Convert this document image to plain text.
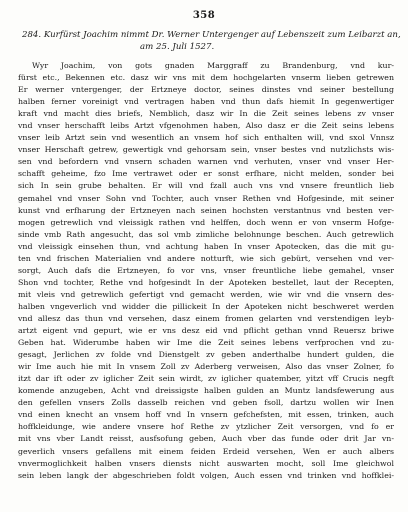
358
284. Kurfürst Joachim nimmt Dr. Werner Untergenger auf Lebenszeit zum Leibarzt an,
am 25. Juli 1527.
Wyr Joachim, von gots gnaden Marggraff zu Brandenburg, vnd kur-
fürst etc., Bekennen etc. dasz wir vns mit dem hochgelarten vnserm lieben getrewen
Er werner vntergenger, der Ertzneye doctor, seines dinstes vnd seiner bestellung
halben ferner voreinigt vnd vertragen haben vnd thun dafs hiemit In gegenwertiger
kraft vnd macht dies briefs, Nemblich, dasz wir In die Zeit seines lebens zv vnser
vnd vnser herschafft leibs Artzt vfgenohmen haben, Also dasz er die Zeit seins lebens
vnser leib Artzt sein vnd wesentlich an vnsem hof sich enthalten will, vnd sxol Vnnsz
vnser Herschaft getrew, gewertigk vnd gehorsam sein, vnser bestes vnd nutzlichsts wis-
sen vnd befordern vnd vnsern schaden warnen vnd verhuten, vnser vnd vnser Her-
schafft geheime, fzo Ime vertrawet oder er sonst erfhare, nicht melden, sonder bei
sich In sein grube behalten. Er will vnd fzall auch vns vnd vnsere freuntlich lieb
gemahel vnd vnser Sohn vnd Tochter, auch vnser Rethen vnd Hofgesinde, mit seiner
kunst vnd erfharung der Ertzneyen nach seinen hochsten verstantnus vnd besten ver-
mogen getrewlich vnd vleissigk rathen vnd helffen, doch wenn er von vnserm Hofge-
sinde vmb Rath angesucht, das sol vmb zimliche belohnunge beschen. Auch getrewlich
vnd vleissigk einsehen thun, vnd achtung haben In vnser Apotecken, das die mit gu-
ten vnd frischen Materialien vnd andere notturft, wie sich gebürt, versehen vnd ver-
sorgt, Auch dafs die Ertzneyen, fo vor vns, vnser freuntliche liebe gemahel, vnser
Shon vnd tochter, Rethe vnd hofgesindt In der Apoteken bestellet, laut der Recepten,
mit vleis vnd getrewlich gefertigt vnd gemacht werden, wie wir vnd die vnsern des-
halben vngeverlich vnd widder die pillickeit In der Apoteken nicht beschweret werden
vnd allesz das thun vnd versehen, dasz einem fromen gelarten vnd verstendigen leyb-
artzt eigent vnd gepurt, wie er vns desz eid vnd pflicht gethan vnnd Reuersz briwe
Geben hat. Widerumbe haben wir Ime die Zeit seines lebens verfprochen vnd zu-
gesagt, Jerlichen zv folde vnd Dienstgelt zv geben anderthalbe hundert gulden, die
wir Ime auch hie mit In vnsem Zoll zv Aderberg verweisen, Also das vnser Zolner, fo
itzt dar ift oder zv iglicher Zeit sein wirdt, zv iglicher quatember, yitzt vff Crucis negft
komende anzugeben, Acht vnd dreissigste halben gulden an Muntz landsfewerung aus
den gefellen vnsers Zolls dasselb reichen vnd geben fsoll, dartzu wollen wir Inen
vnd einen knecht an vnsem hoff vnd In vnsern gefchefsten, mit essen, trinken, auch
hoffkleidunge, wie andere vnsere hof Rethe zv ytzlicher Zeit versorgen, vnd fo er
mit vns vber Landt reisst, ausfsofung geben, Auch vber das funde oder drit Jar vn-
geverlich vnsers gefallens mit einem feiden Erdeid versehen, Wen er auch albers
vnvermoglichkeit halben vnsers diensts nicht auswarten mocht, soll Ime gleichwol
sein leben langk der abgeschrieben foldt volgen, Auch essen vnd trinken vnd hoffklei-
